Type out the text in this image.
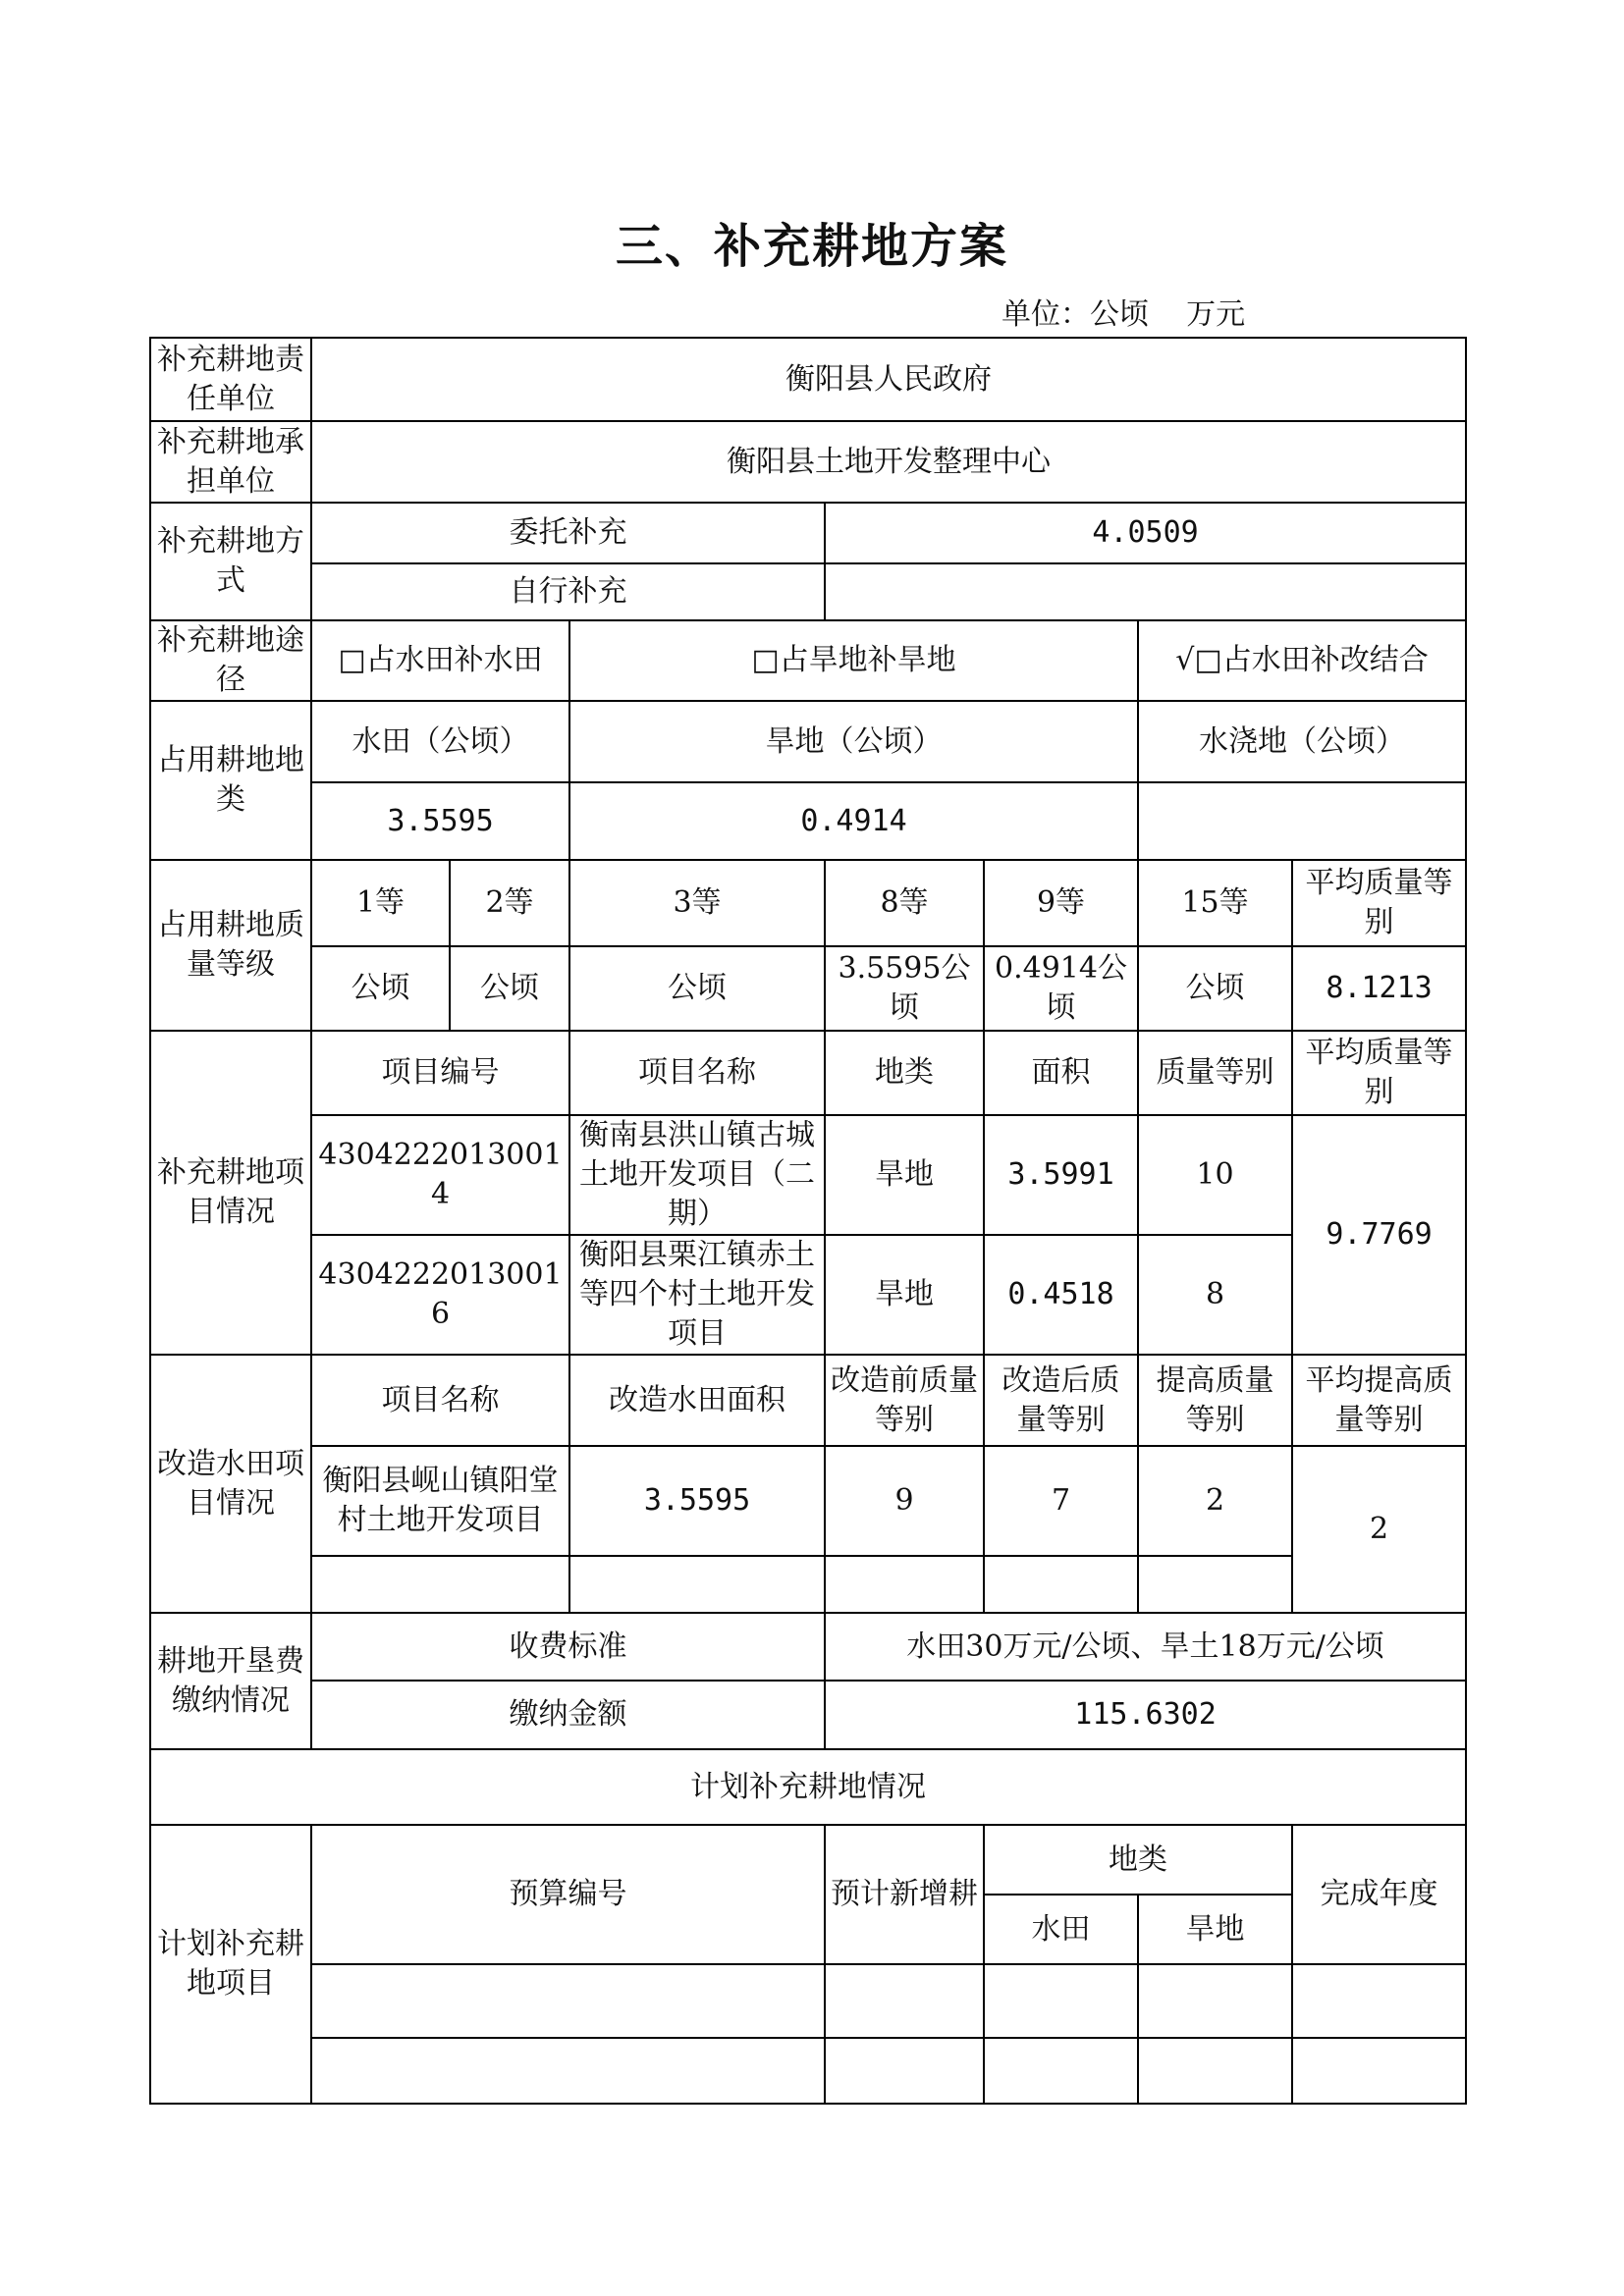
三、补充耕地方案
单位：公顷    万元
补充耕地责任单位	衡阳县人民政府						
补充耕地承担单位	衡阳县土地开发整理中心						
补充耕地方式	委托补充			4.0509			
	自行补充						
补充耕地途径	□占水田补水田		□占旱地补旱地			√□占水田补改结合	
占用耕地地类	水田（公顷）		旱地（公顷）			水浇地（公顷）	
	3.5595		0.4914				
占用耕地质量等级	1等	2等	3等	8等	9等	15等	平均质量等别
	公顷	公顷	公顷	3.5595公顷	0.4914公顷	公顷	8.1213
补充耕地项目情况	项目编号		项目名称	地类	面积	质量等别	平均质量等别
	43042220130014		衡南县洪山镇古城土地开发项目（二期）	旱地	3.5991	10	9.7769
	43042220130016		衡阳县栗江镇赤土等四个村土地开发项目	旱地	0.4518	8	
改造水田项目情况	项目名称		改造水田面积	改造前质量等别	改造后质量等别	提高质量等别	平均提高质量等别
	衡阳县岘山镇阳堂村土地开发项目		3.5595	9	7	2	2

耕地开垦费缴纳情况	收费标准			水田30万元/公顷、旱土18万元/公顷			
	缴纳金额			115.6302			
计划补充耕地情况							
计划补充耕地项目	预算编号			预计新增耕	地类		完成年度
					水田	旱地	
